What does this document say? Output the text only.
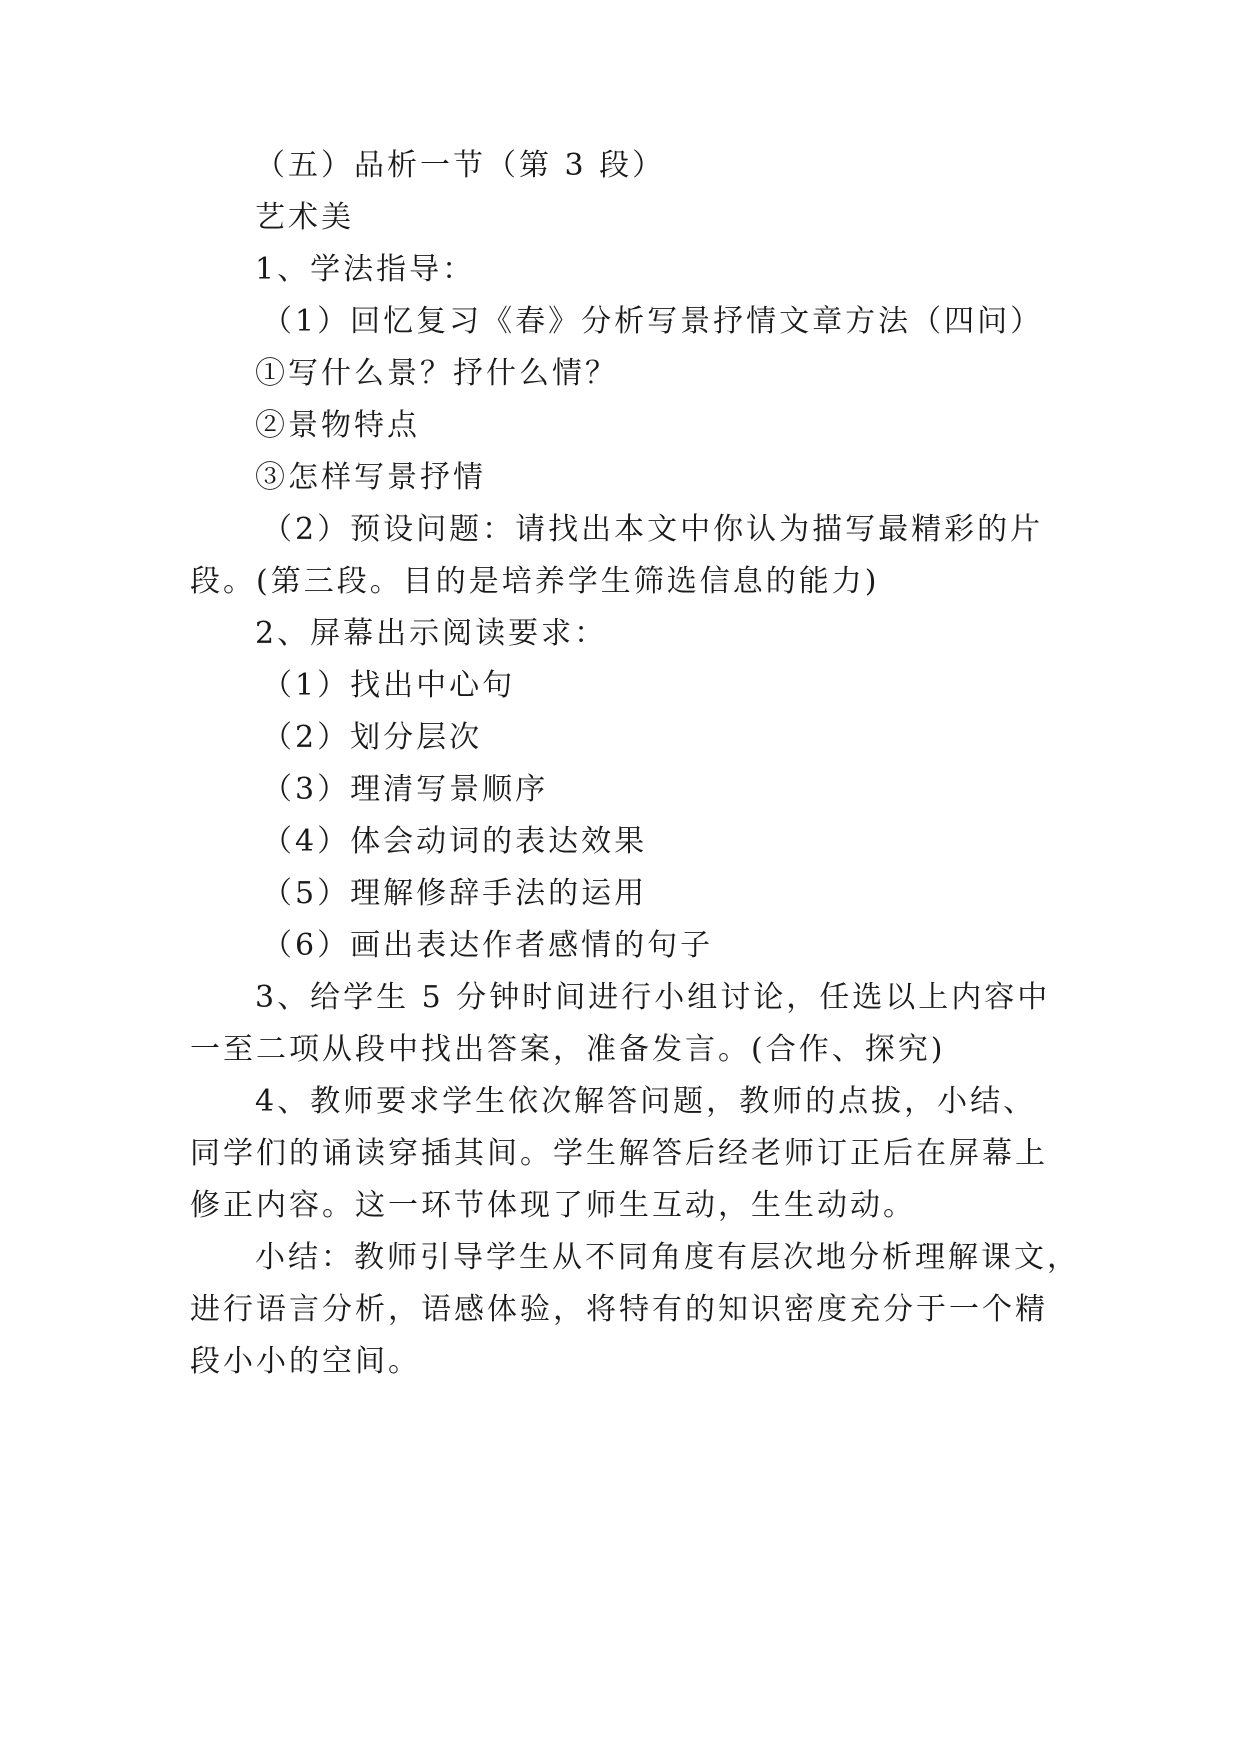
（五）品析一节（第 3 段）
艺术美
1、学法指导：
（1）回忆复习《春》分析写景抒情文章方法（四问）
①写什么景？抒什么情？
②景物特点
③怎样写景抒情
（2）预设问题：请找出本文中你认为描写最精彩的片
段。(第三段。目的是培养学生筛选信息的能力)
2、屏幕出示阅读要求：
（1）找出中心句
（2）划分层次
（3）理清写景顺序
（4）体会动词的表达效果
（5）理解修辞手法的运用
（6）画出表达作者感情的句子
3、给学生 5 分钟时间进行小组讨论，任选以上内容中
一至二项从段中找出答案，准备发言。(合作、探究)
4、教师要求学生依次解答问题，教师的点拔，小结、
同学们的诵读穿插其间。学生解答后经老师订正后在屏幕上
修正内容。这一环节体现了师生互动，生生动动。
小结：教师引导学生从不同角度有层次地分析理解课文，
进行语言分析，语感体验，将特有的知识密度充分于一个精
段小小的空间。
